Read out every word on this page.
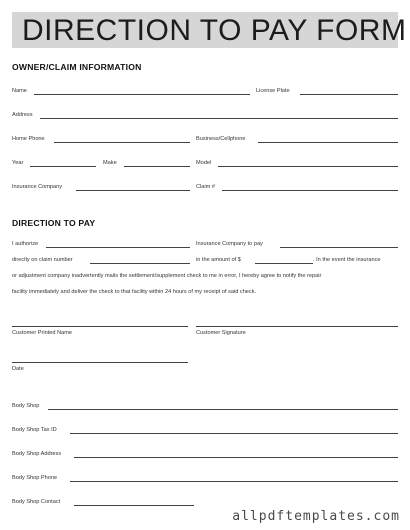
DIRECTION TO PAY FORM
OWNER/CLAIM INFORMATION
Name	License Plate
Address
Home Phone	Business/Cellphone
Year	Make	Model
Insurance Company	Claim #
DIRECTION TO PAY
I authorize	Insurance Company to pay
directly on claim number	in the amount of $	. In the event the insurance
or adjustment company inadvertently mails the settlement/supplement check to me in error, I hereby agree to notify the repair
facility immediately and deliver the check to that facility within 24 hours of my receipt of said check.
Customer Printed Name	Customer Signature
Date
Body Shop
Body Shop Tax ID
Body Shop Address
Body Shop Phone
Body Shop Contact
allpdftemplates.com
